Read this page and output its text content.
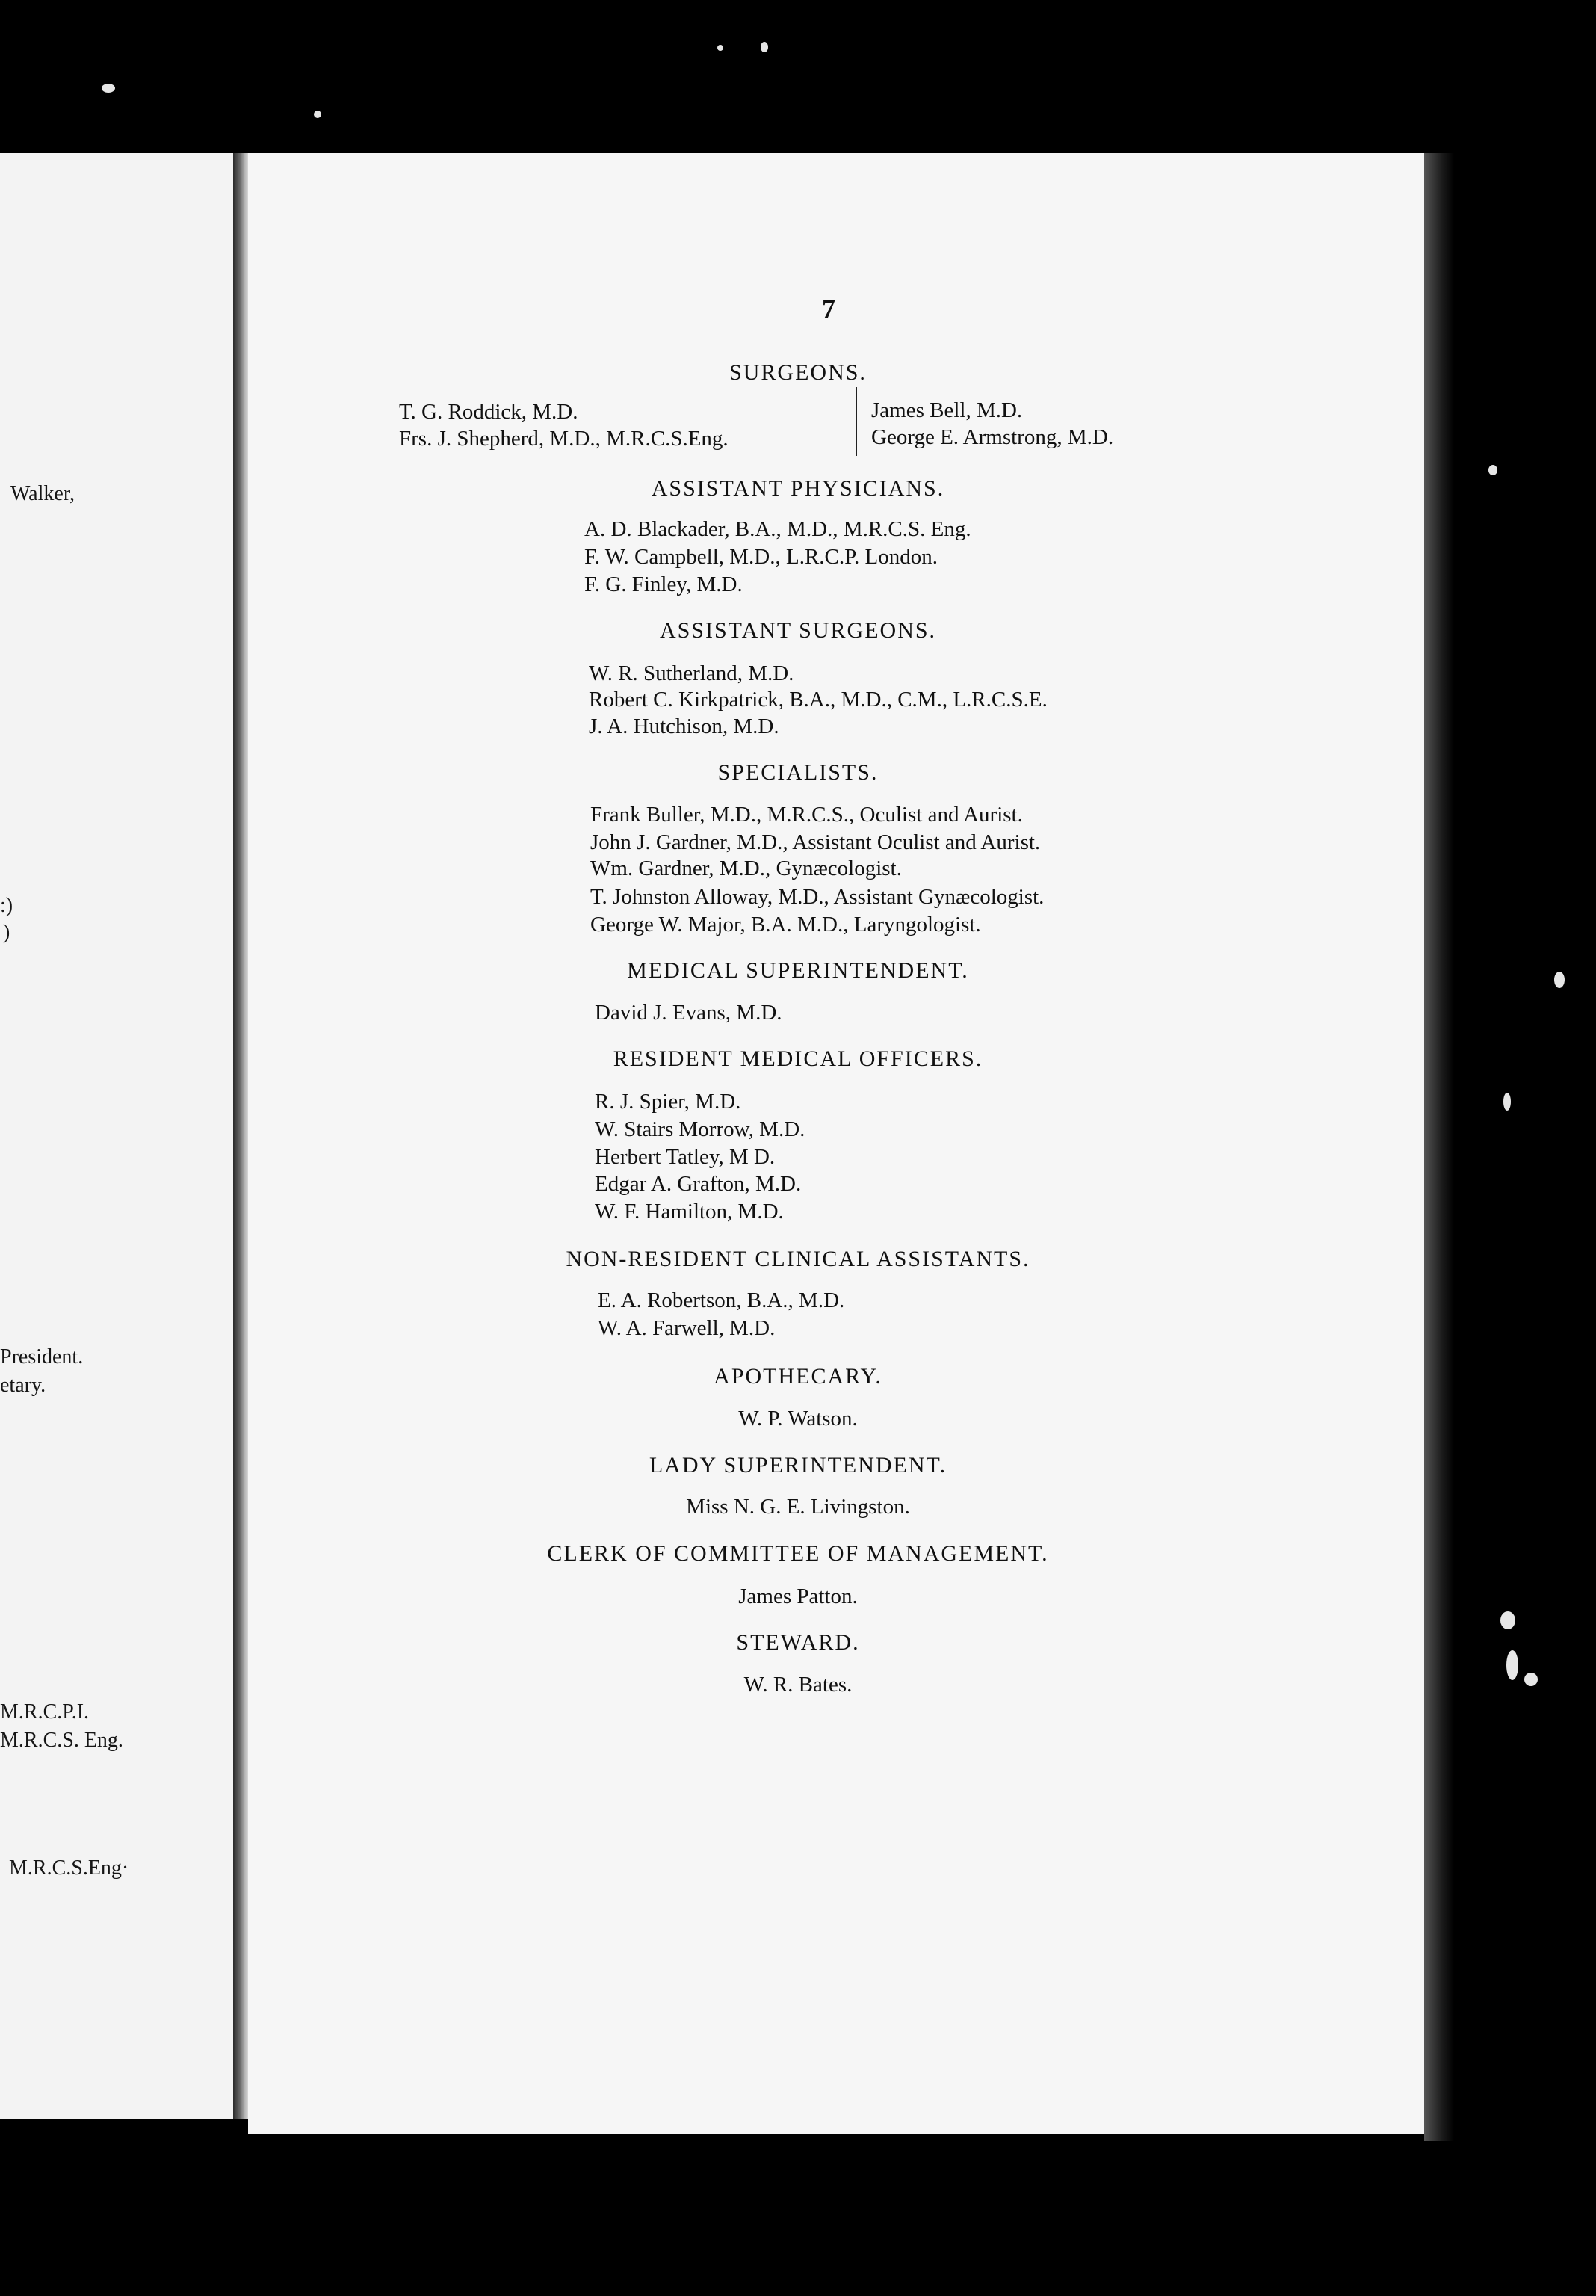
Walker,
:)
)
President.
etary.
M.R.C.P.I.
M.R.C.S. Eng.
M.R.C.S.Eng·
7
SURGEONS.
T. G. Roddick, M.D.
Frs. J. Shepherd, M.D., M.R.C.S.Eng.
James Bell, M.D.
George E. Armstrong, M.D.
ASSISTANT PHYSICIANS.
A. D. Blackader, B.A., M.D., M.R.C.S. Eng.
F. W. Campbell, M.D., L.R.C.P. London.
F. G. Finley, M.D.
ASSISTANT SURGEONS.
W. R. Sutherland, M.D.
Robert C. Kirkpatrick, B.A., M.D., C.M., L.R.C.S.E.
J. A. Hutchison, M.D.
SPECIALISTS.
Frank Buller, M.D., M.R.C.S., Oculist and Aurist.
John J. Gardner, M.D., Assistant Oculist and Aurist.
Wm. Gardner, M.D., Gynæcologist.
T. Johnston Alloway, M.D., Assistant Gynæcologist.
George W. Major, B.A. M.D., Laryngologist.
MEDICAL SUPERINTENDENT.
David J. Evans, M.D.
RESIDENT MEDICAL OFFICERS.
R. J. Spier, M.D.
W. Stairs Morrow, M.D.
Herbert Tatley, M D.
Edgar A. Grafton, M.D.
W. F. Hamilton, M.D.
NON-RESIDENT CLINICAL ASSISTANTS.
E. A. Robertson, B.A., M.D.
W. A. Farwell, M.D.
APOTHECARY.
W. P. Watson.
LADY SUPERINTENDENT.
Miss N. G. E. Livingston.
CLERK OF COMMITTEE OF MANAGEMENT.
James Patton.
STEWARD.
W. R. Bates.
